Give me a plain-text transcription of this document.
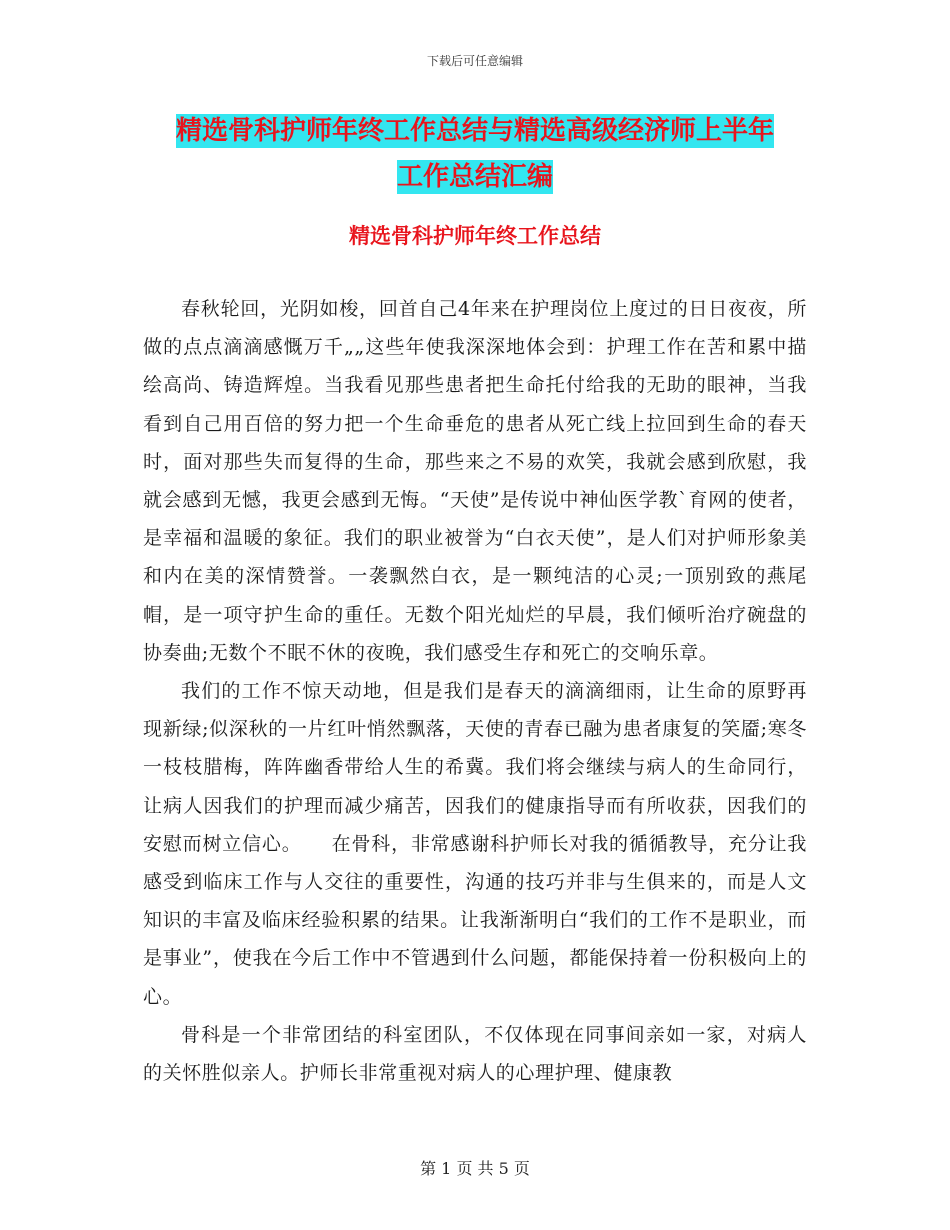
下载后可任意编辑
精选骨科护师年终工作总结与精选高级经济师上半年
工作总结汇编
精选骨科护师年终工作总结

春秋轮回，光阴如梭，回首自己4年来在护理岗位上度过的日日夜夜，所做的点点滴滴感慨万千„„这些年使我深深地体会到：护理工作在苦和累中描绘高尚、铸造辉煌。当我看见那些患者把生命托付给我的无助的眼神，当我看到自己用百倍的努力把一个生命垂危的患者从死亡线上拉回到生命的春天时，面对那些失而复得的生命，那些来之不易的欢笑，我就会感到欣慰，我就会感到无憾，我更会感到无悔。“天使”是传说中神仙医学教`育网的使者，是幸福和温暖的象征。我们的职业被誉为“白衣天使”，是人们对护师形象美和内在美的深情赞誉。一袭飘然白衣，是一颗纯洁的心灵;一顶别致的燕尾帽，是一项守护生命的重任。无数个阳光灿烂的早晨，我们倾听治疗碗盘的协奏曲;无数个不眠不休的夜晚，我们感受生存和死亡的交响乐章。

我们的工作不惊天动地，但是我们是春天的滴滴细雨，让生命的原野再现新绿;似深秋的一片红叶悄然飘落，天使的青春已融为患者康复的笑靥;寒冬一枝枝腊梅，阵阵幽香带给人生的希冀。我们将会继续与病人的生命同行，让病人因我们的护理而减少痛苦，因我们的健康指导而有所收获，因我们的安慰而树立信心。　　在骨科，非常感谢科护师长对我的循循教导，充分让我感受到临床工作与人交往的重要性，沟通的技巧并非与生俱来的，而是人文知识的丰富及临床经验积累的结果。让我渐渐明白“我们的工作不是职业，而是事业”，使我在今后工作中不管遇到什么问题，都能保持着一份积极向上的心。

骨科是一个非常团结的科室团队，不仅体现在同事间亲如一家，对病人的关怀胜似亲人。护师长非常重视对病人的心理护理、健康教

第 1 页 共 5 页
